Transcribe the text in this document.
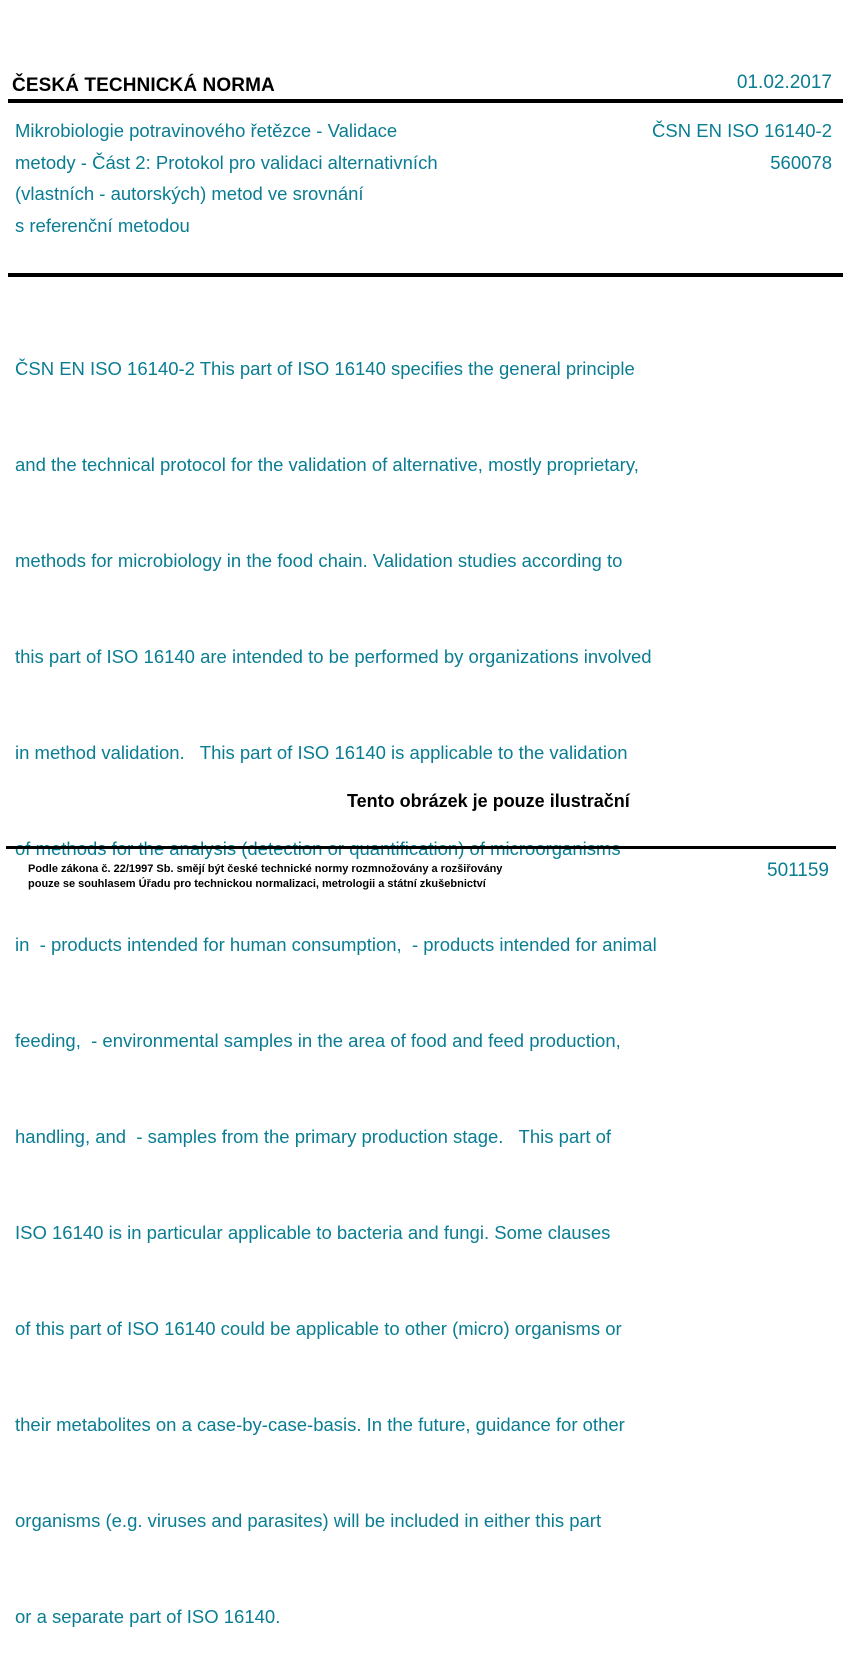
ČESKÁ TECHNICKÁ NORMA	01.02.2017
Mikrobiologie potravinového řetězce - Validace
metody - Část 2: Protokol pro validaci alternativních
(vlastních - autorských) metod ve srovnání
s referenční metodou
ČSN EN ISO 16140-2
560078

ČSN EN ISO 16140-2 This part of ISO 16140 specifies the general principle

and the technical protocol for the validation of alternative, mostly proprietary,

methods for microbiology in the food chain. Validation studies according to

this part of ISO 16140 are intended to be performed by organizations involved

in method validation.   This part of ISO 16140 is applicable to the validation

in  - products intended for human consumption,  - products intended for animal

feeding,  - environmental samples in the area of food and feed production,

handling, and  - samples from the primary production stage.   This part of

ISO 16140 is in particular applicable to bacteria and fungi. Some clauses

of this part of ISO 16140 could be applicable to other (micro) organisms or

their metabolites on a case-by-case-basis. In the future, guidance for other

organisms (e.g. viruses and parasites) will be included in either this part

or a separate part of ISO 16140.

Tento obrázek je pouze ilustrační
Podle zákona č. 22/1997 Sb. smějí být české technické normy rozmnožovány a rozšiřovány
pouze se souhlasem Úřadu pro technickou normalizaci, metrologii a státní zkušebnictví
501159
